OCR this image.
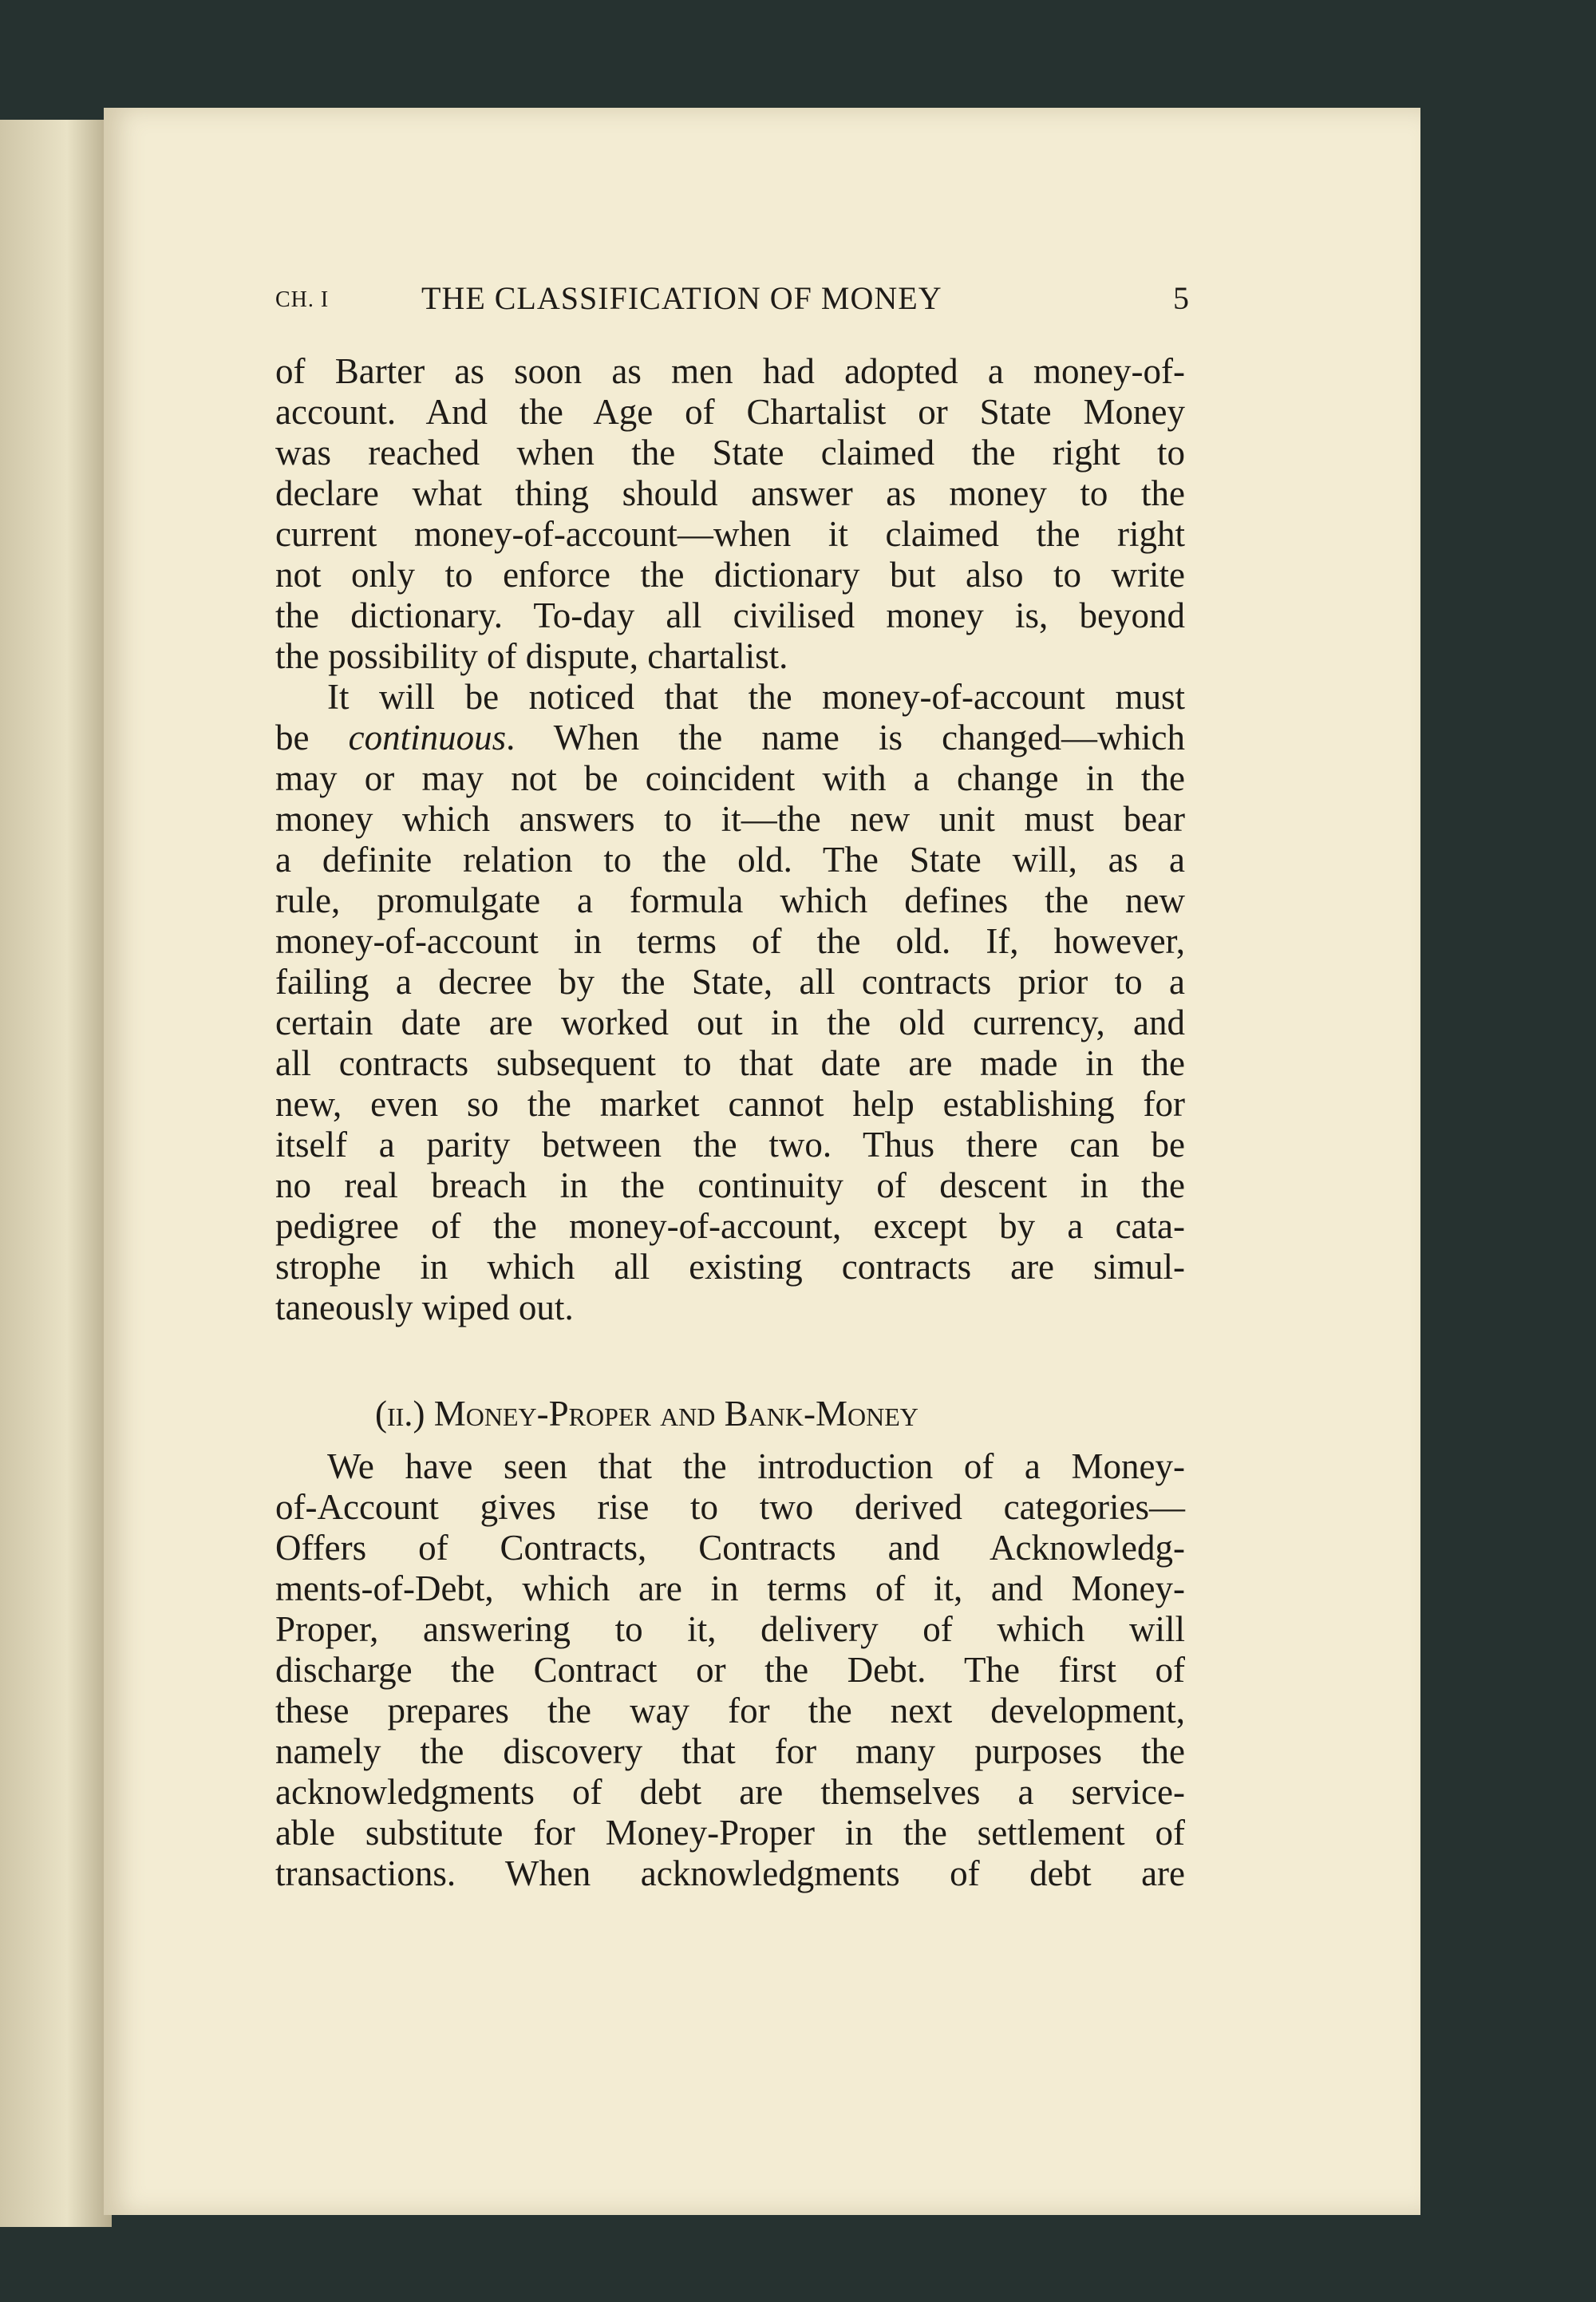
CH. I	THE CLASSIFICATION OF MONEY	5
of Barter as soon as men had adopted a money-of-
account. And the Age of Chartalist or State Money
was reached when the State claimed the right to
declare what thing should answer as money to the
current money-of-account—when it claimed the right
not only to enforce the dictionary but also to write
the dictionary. To-day all civilised money is, beyond
the possibility of dispute, chartalist.
It will be noticed that the money-of-account must
be continuous. When the name is changed—which
may or may not be coincident with a change in the
money which answers to it—the new unit must bear
a definite relation to the old. The State will, as a
rule, promulgate a formula which defines the new
money-of-account in terms of the old. If, however,
failing a decree by the State, all contracts prior to a
certain date are worked out in the old currency, and
all contracts subsequent to that date are made in the
new, even so the market cannot help establishing for
itself a parity between the two. Thus there can be
no real breach in the continuity of descent in the
pedigree of the money-of-account, except by a cata-
strophe in which all existing contracts are simul-
taneously wiped out.
(ii.) Money-Proper and Bank-Money
We have seen that the introduction of a Money-
of-Account gives rise to two derived categories—
Offers of Contracts, Contracts and Acknowledg-
ments-of-Debt, which are in terms of it, and Money-
Proper, answering to it, delivery of which will
discharge the Contract or the Debt. The first of
these prepares the way for the next development,
namely the discovery that for many purposes the
acknowledgments of debt are themselves a service-
able substitute for Money-Proper in the settlement of
transactions. When acknowledgments of debt are
